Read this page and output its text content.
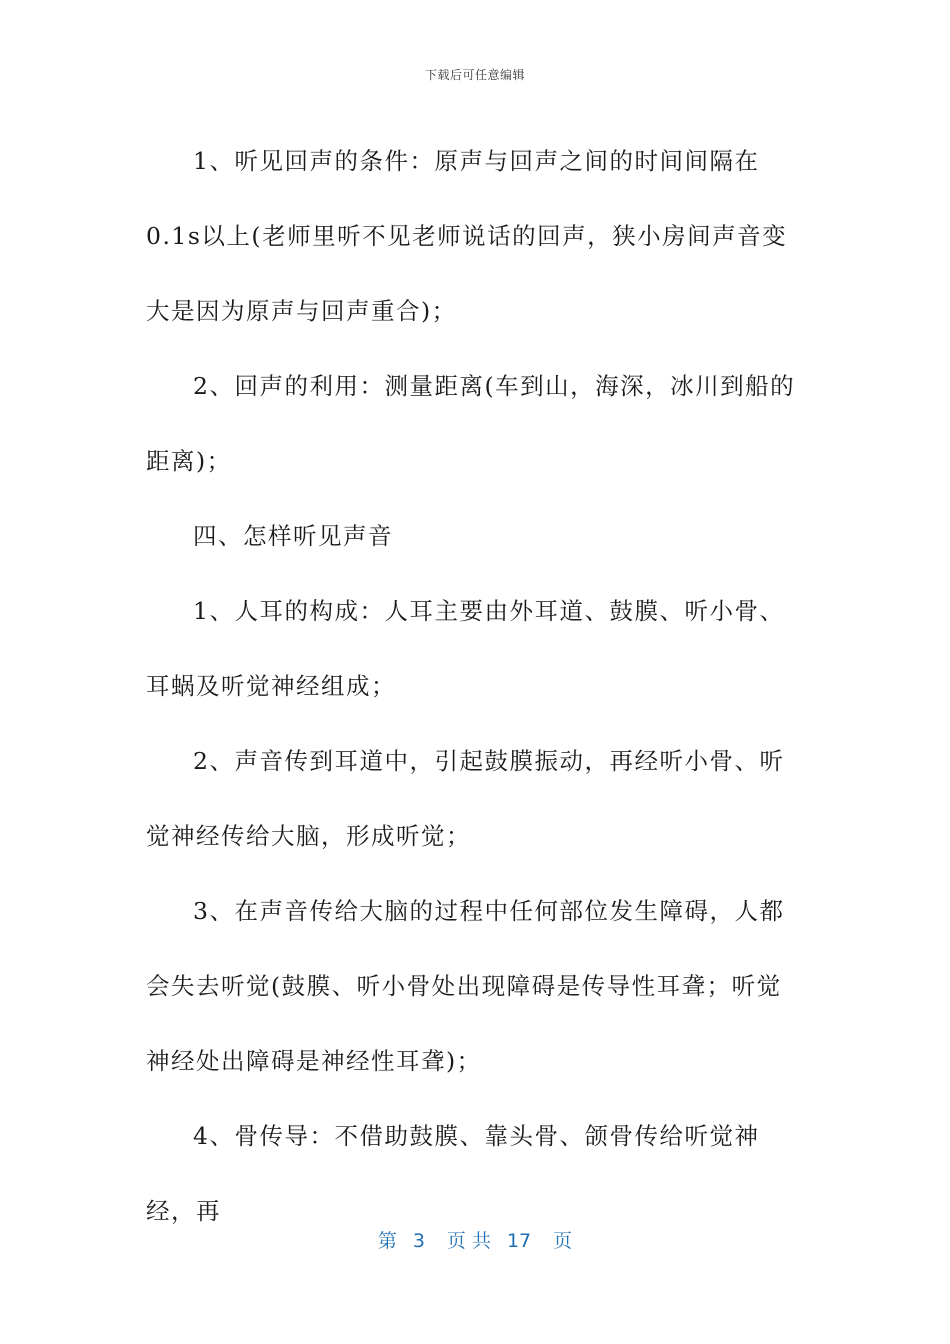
下载后可任意编辑

1、听见回声的条件：原声与回声之间的时间间隔在0.1s以上(老师里听不见老师说话的回声，狭小房间声音变大是因为原声与回声重合)；

2、回声的利用：测量距离(车到山，海深，冰川到船的距离)；

四、怎样听见声音

1、人耳的构成：人耳主要由外耳道、鼓膜、听小骨、耳蜗及听觉神经组成；

2、声音传到耳道中，引起鼓膜振动，再经听小骨、听觉神经传给大脑，形成听觉；

3、在声音传给大脑的过程中任何部位发生障碍，人都会失去听觉(鼓膜、听小骨处出现障碍是传导性耳聋；听觉神经处出障碍是神经性耳聋)；

4、骨传导：不借助鼓膜、靠头骨、颌骨传给听觉神经，再

第 3 页 共 17 页
